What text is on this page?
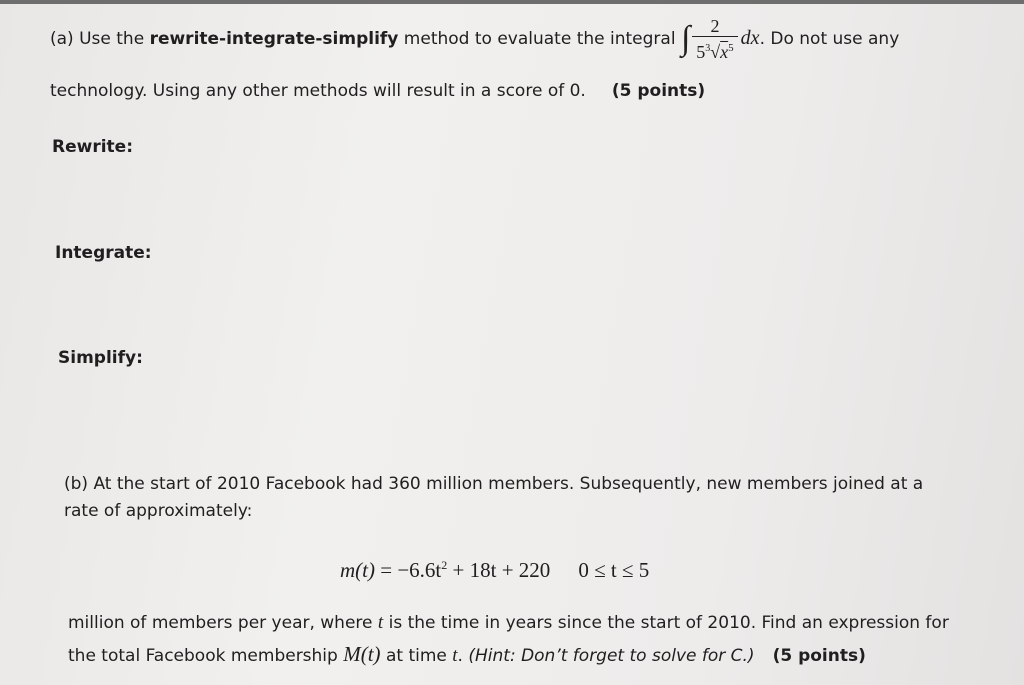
(a) Use the rewrite-integrate-simplify method to evaluate the integral ∫ $\frac{2}{5^3√x^5}$ dx. Do not use any
technology. Using any other methods will result in a score of 0. (5 points)
Rewrite:
Integrate:
Simplify:
(b) At the start of 2010 Facebook had 360 million members. Subsequently, new members joined at a
rate of approximately:
$m(t) = -6.6t^2 + 18t + 220$ 0 ≤ t ≤ 5
million of members per year, where t is the time in years since the start of 2010. Find an expression for
the total Facebook membership M(t) at time t. (Hint: Don’t forget to solve for C.) (5 points)
